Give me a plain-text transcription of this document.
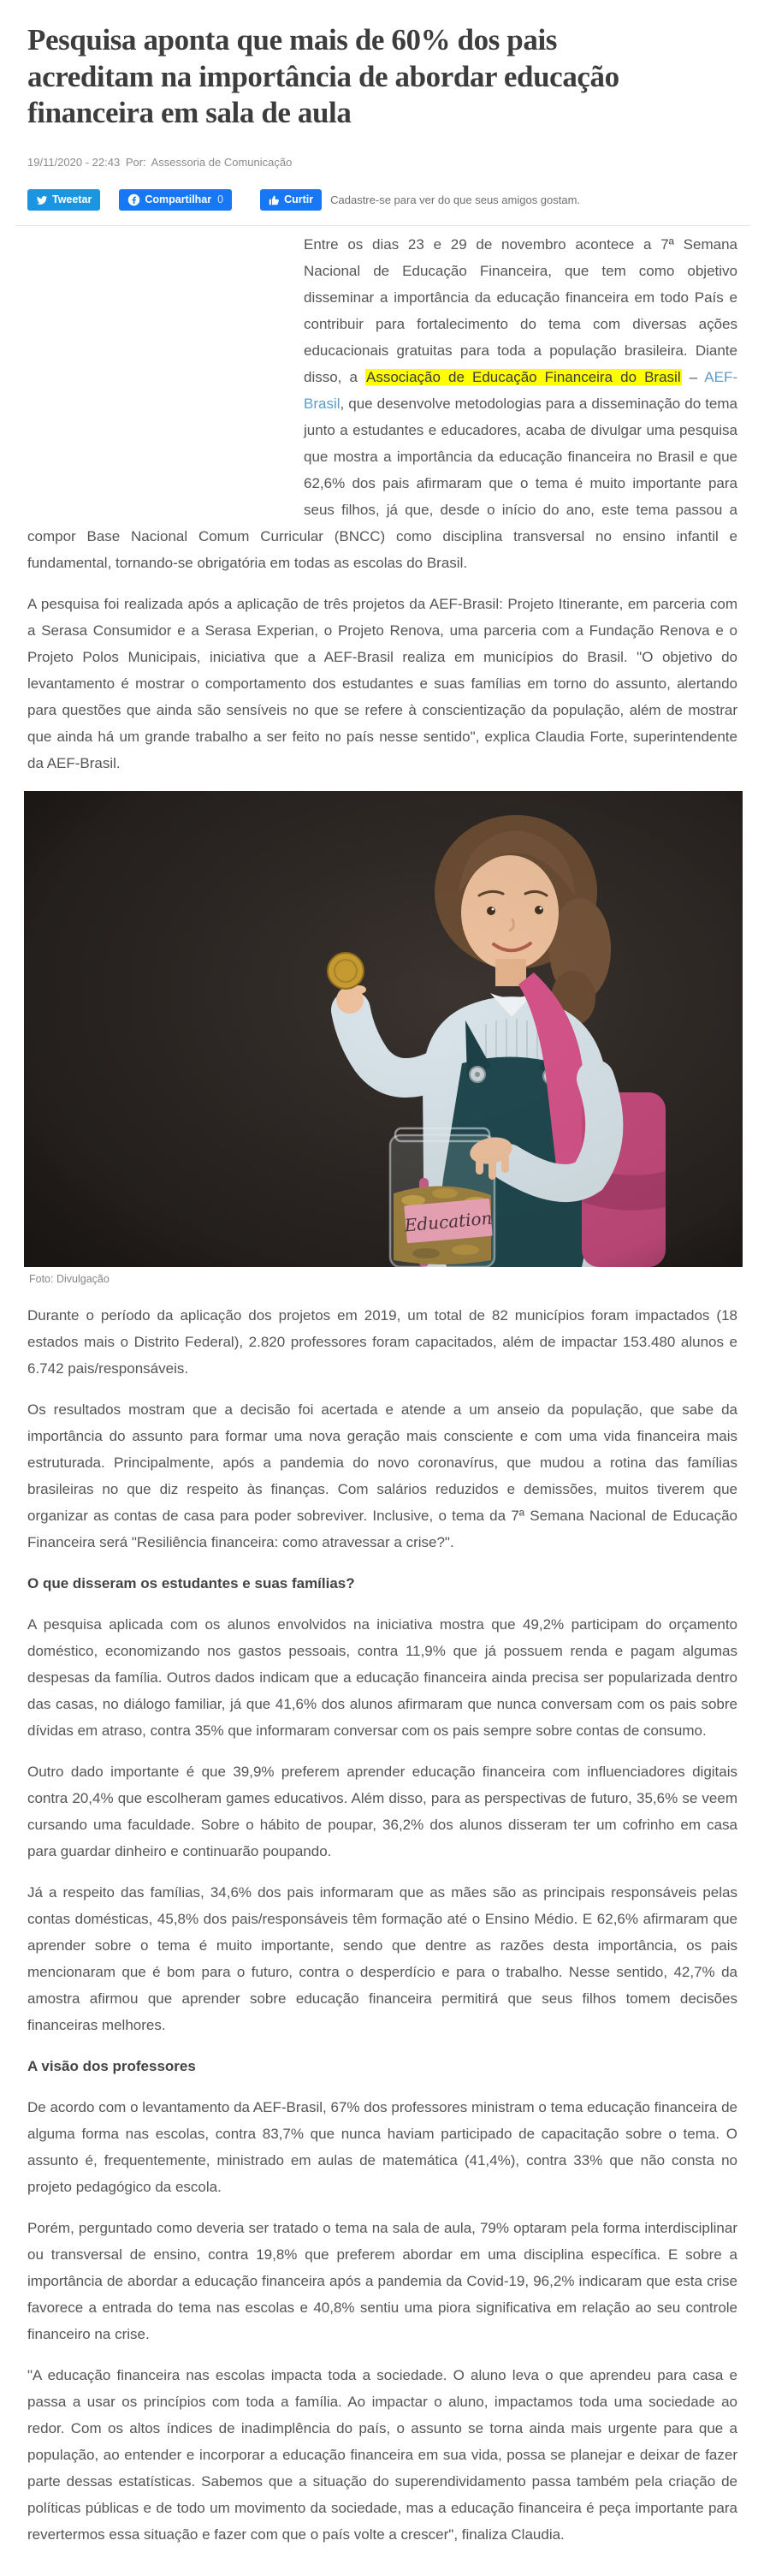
Pesquisa aponta que mais de 60% dos pais acreditam na importância de abordar educação financeira em sala de aula
19/11/2020 - 22:43 Por: Assessoria de Comunicação
Tweetar	Compartilhar 0	Curtir Cadastre-se para ver do que seus amigos gostam.

Entre os dias 23 e 29 de novembro acontece a 7ª Semana Nacional de Educação Financeira, que tem como objetivo disseminar a importância da educação financeira em todo País e contribuir para fortalecimento do tema com diversas ações educacionais gratuitas para toda a população brasileira. Diante disso, a Associação de Educação Financeira do Brasil – AEF-Brasil, que desenvolve metodologias para a disseminação do tema junto a estudantes e educadores, acaba de divulgar uma pesquisa que mostra a importância da educação financeira no Brasil e que 62,6% dos pais afirmaram que o tema é muito importante para seus filhos, já que, desde o início do ano, este tema passou a compor Base Nacional Comum Curricular (BNCC) como disciplina transversal no ensino infantil e fundamental, tornando-se obrigatória em todas as escolas do Brasil.

A pesquisa foi realizada após a aplicação de três projetos da AEF-Brasil: Projeto Itinerante, em parceria com a Serasa Consumidor e a Serasa Experian, o Projeto Renova, uma parceria com a Fundação Renova e o Projeto Polos Municipais, iniciativa que a AEF-Brasil realiza em municípios do Brasil. "O objetivo do levantamento é mostrar o comportamento dos estudantes e suas famílias em torno do assunto, alertando para questões que ainda são sensíveis no que se refere à conscientização da população, além de mostrar que ainda há um grande trabalho a ser feito no país nesse sentido", explica Claudia Forte, superintendente da AEF-Brasil.

Foto: Divulgação

Durante o período da aplicação dos projetos em 2019, um total de 82 municípios foram impactados (18 estados mais o Distrito Federal), 2.820 professores foram capacitados, além de impactar 153.480 alunos e 6.742 pais/responsáveis.

Os resultados mostram que a decisão foi acertada e atende a um anseio da população, que sabe da importância do assunto para formar uma nova geração mais consciente e com uma vida financeira mais estruturada. Principalmente, após a pandemia do novo coronavírus, que mudou a rotina das famílias brasileiras no que diz respeito às finanças. Com salários reduzidos e demissões, muitos tiverem que organizar as contas de casa para poder sobreviver. Inclusive, o tema da 7ª Semana Nacional de Educação Financeira será "Resiliência financeira: como atravessar a crise?".

O que disseram os estudantes e suas famílias?

A pesquisa aplicada com os alunos envolvidos na iniciativa mostra que 49,2% participam do orçamento doméstico, economizando nos gastos pessoais, contra 11,9% que já possuem renda e pagam algumas despesas da família. Outros dados indicam que a educação financeira ainda precisa ser popularizada dentro das casas, no diálogo familiar, já que 41,6% dos alunos afirmaram que nunca conversam com os pais sobre dívidas em atraso, contra 35% que informaram conversar com os pais sempre sobre contas de consumo.

Outro dado importante é que 39,9% preferem aprender educação financeira com influenciadores digitais contra 20,4% que escolheram games educativos. Além disso, para as perspectivas de futuro, 35,6% se veem cursando uma faculdade. Sobre o hábito de poupar, 36,2% dos alunos disseram ter um cofrinho em casa para guardar dinheiro e continuarão poupando.

Já a respeito das famílias, 34,6% dos pais informaram que as mães são as principais responsáveis pelas contas domésticas, 45,8% dos pais/responsáveis têm formação até o Ensino Médio. E 62,6% afirmaram que aprender sobre o tema é muito importante, sendo que dentre as razões desta importância, os pais mencionaram que é bom para o futuro, contra o desperdício e para o trabalho. Nesse sentido, 42,7% da amostra afirmou que aprender sobre educação financeira permitirá que seus filhos tomem decisões financeiras melhores.

A visão dos professores

De acordo com o levantamento da AEF-Brasil, 67% dos professores ministram o tema educação financeira de alguma forma nas escolas, contra 83,7% que nunca haviam participado de capacitação sobre o tema. O assunto é, frequentemente, ministrado em aulas de matemática (41,4%), contra 33% que não consta no projeto pedagógico da escola.

Porém, perguntado como deveria ser tratado o tema na sala de aula, 79% optaram pela forma interdisciplinar ou transversal de ensino, contra 19,8% que preferem abordar em uma disciplina específica. E sobre a importância de abordar a educação financeira após a pandemia da Covid-19, 96,2% indicaram que esta crise favorece a entrada do tema nas escolas e 40,8% sentiu uma piora significativa em relação ao seu controle financeiro na crise.

"A educação financeira nas escolas impacta toda a sociedade. O aluno leva o que aprendeu para casa e passa a usar os princípios com toda a família. Ao impactar o aluno, impactamos toda uma sociedade ao redor. Com os altos índices de inadimplência do país, o assunto se torna ainda mais urgente para que a população, ao entender e incorporar a educação financeira em sua vida, possa se planejar e deixar de fazer parte dessas estatísticas. Sabemos que a situação do superendividamento passa também pela criação de políticas públicas e de todo um movimento da sociedade, mas a educação financeira é peça importante para revertermos essa situação e fazer com que o país volte a crescer", finaliza Claudia.
